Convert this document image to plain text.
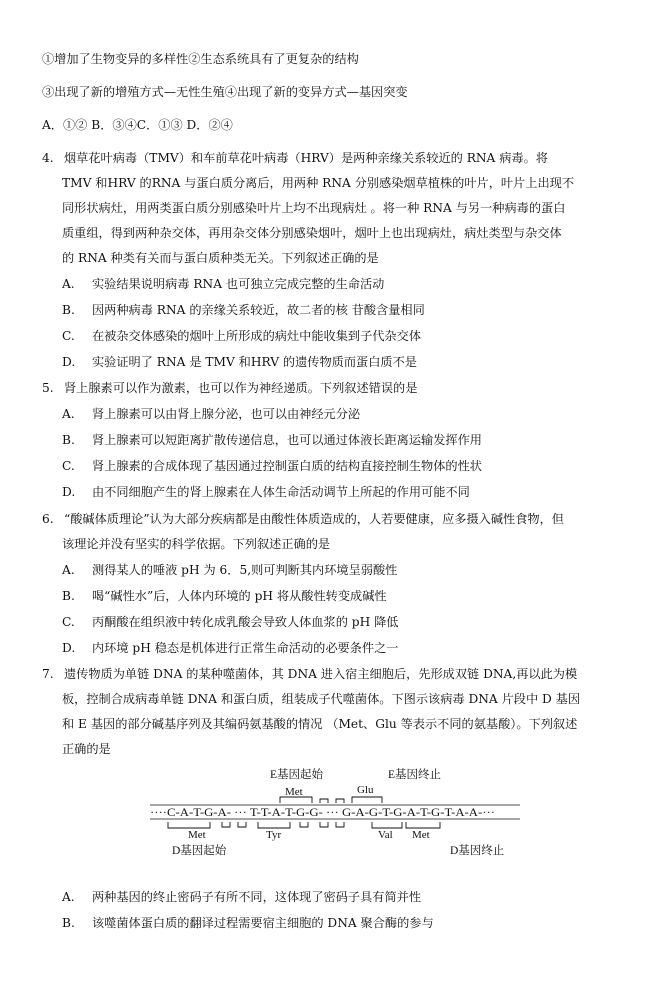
①增加了生物变异的多样性②生态系统具有了更复杂的结构
③出现了新的增殖方式—无性生殖④出现了新的变异方式—基因突变
A．①② B．③④C．①③ D．②④
4. 烟草花叶病毒（TMV）和车前草花叶病毒（HRV）是两种亲缘关系较近的 RNA 病毒。将
TMV 和HRV 的RNA 与蛋白质分离后，用两种 RNA 分别感染烟草植株的叶片，叶片上出现不
同形状病灶，用两类蛋白质分别感染叶片上均不出现病灶 。将一种 RNA 与另一种病毒的蛋白
质重组，得到两种杂交体，再用杂交体分别感染烟叶，烟叶上也出现病灶，病灶类型与杂交体
的 RNA 种类有关而与蛋白质种类无关。下列叙述正确的是
A. 实验结果说明病毒 RNA 也可独立完成完整的生命活动
B. 因两种病毒 RNA 的亲缘关系较近，故二者的核 苷酸含量相同
C. 在被杂交体感染的烟叶上所形成的病灶中能收集到子代杂交体
D. 实验证明了 RNA 是 TMV 和HRV 的遗传物质而蛋白质不是
5. 肾上腺素可以作为激素，也可以作为神经递质。下列叙述错误的是
A. 肾上腺素可以由肾上腺分泌，也可以由神经元分泌
B. 肾上腺素可以短距离扩散传递信息，也可以通过体液长距离运输发挥作用
C. 肾上腺素的合成体现了基因通过控制蛋白质的结构直接控制生物体的性状
D. 由不同细胞产生的肾上腺素在人体生命活动调节上所起的作用可能不同
6. “酸碱体质理论”认为大部分疾病都是由酸性体质造成的，人若要健康，应多摄入碱性食物，但
该理论并没有坚实的科学依据。下列叙述正确的是
A. 测得某人的唾液 pH 为 6．5,则可判断其内环境呈弱酸性
B. 喝“碱性水”后，人体内环境的 pH 将从酸性转变成碱性
C. 丙酮酸在组织液中转化成乳酸会导致人体血浆的 pH 降低
D. 内环境 pH 稳态是机体进行正常生命活动的必要条件之一
7. 遗传物质为单链 DNA 的某种噬菌体，其 DNA 进入宿主细胞后，先形成双链 DNA,再以此为模
板，控制合成病毒单链 DNA 和蛋白质，组装成子代噬菌体。下图示该病毒 DNA 片段中 D 基因
和 E 基因的部分碱基序列及其编码氨基酸的情况 （Met、Glu 等表示不同的氨基酸）。下列叙述
正确的是
E基因起始	E基因终止
Met	Glu
····C-A-T-G-A- ··· T-T-A-T-G-G- ··· G-A-G-T-G-A-T-G-T-A-A-···
Met	Tyr	Val Met
D基因起始	D基因终止
A. 两种基因的终止密码子有所不同，这体现了密码子具有简并性
B. 该噬菌体蛋白质的翻译过程需要宿主细胞的 DNA 聚合酶的参与
